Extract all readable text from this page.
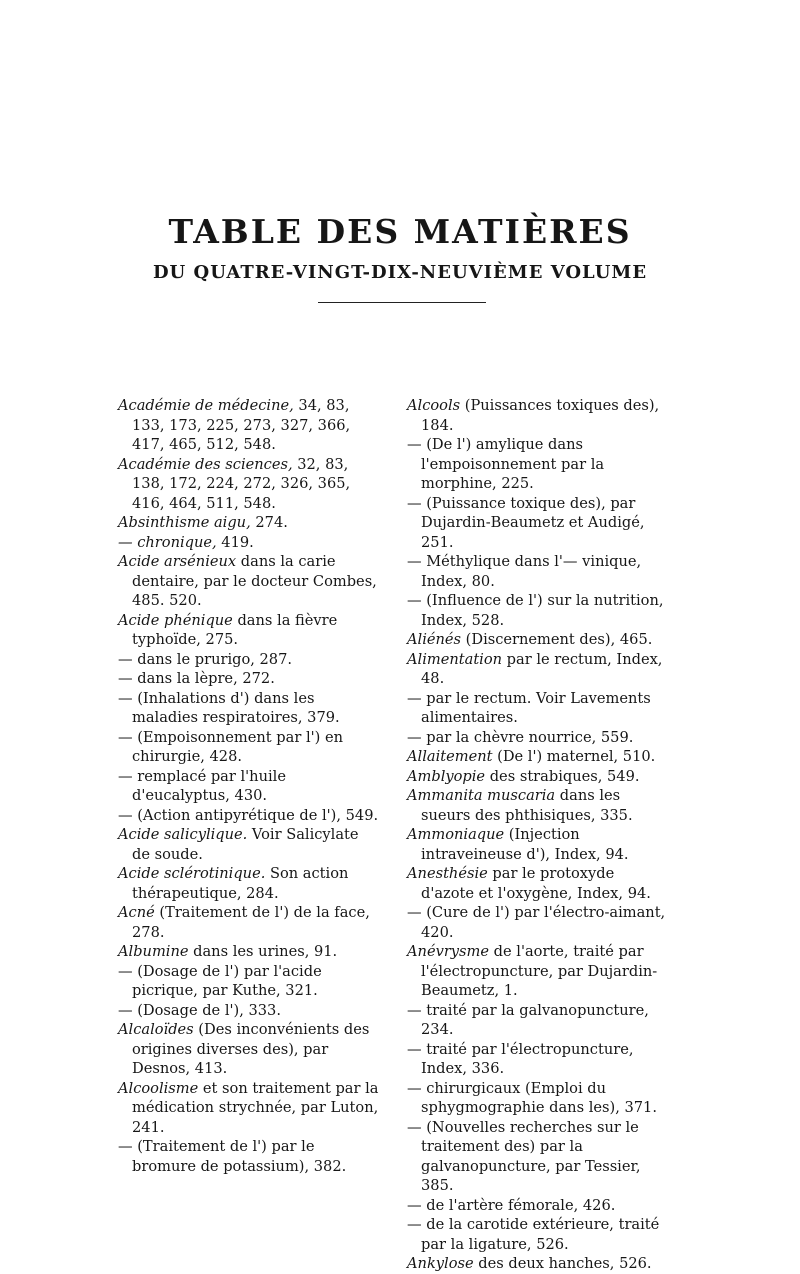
TABLE DES MATIÈRES
DU QUATRE-VINGT-DIX-NEUVIÈME VOLUME

Académie de médecine, 34, 83, 133, 173, 225, 273, 327, 366, 417, 465, 512, 548.

Académie des sciences, 32, 83, 138, 172, 224, 272, 326, 365, 416, 464, 511, 548.

Absinthisme aigu, 274.

— chronique, 419.

Acide arsénieux dans la carie dentaire, par le docteur Combes, 485. 520.

Acide phénique dans la fièvre typhoïde, 275.

— dans le prurigo, 287.

— dans la lèpre, 272.

— (Inhalations d') dans les maladies respiratoires, 379.

— (Empoisonnement par l') en chirurgie, 428.

— remplacé par l'huile d'eucalyptus, 430.

— (Action antipyrétique de l'), 549.

Acide salicylique. Voir Salicylate de soude.

Acide sclérotinique. Son action thérapeutique, 284.

Acné (Traitement de l') de la face, 278.

Albumine dans les urines, 91.

— (Dosage de l') par l'acide picrique, par Kuthe, 321.

— (Dosage de l'), 333.

Alcaloïdes (Des inconvénients des origines diverses des), par Desnos, 413.

Alcoolisme et son traitement par la médication strychnée, par Luton, 241.

— (Traitement de l') par le bromure de potassium), 382.

Alcools (Puissances toxiques des), 184.

— (De l') amylique dans l'empoisonnement par la morphine, 225.

— (Puissance toxique des), par Dujardin-Beaumetz et Audigé, 251.

— Méthylique dans l'— vinique, Index, 80.

— (Influence de l') sur la nutrition, Index, 528.

Aliénés (Discernement des), 465.

Alimentation par le rectum, Index, 48.

— par le rectum. Voir Lavements alimentaires.

— par la chèvre nourrice, 559.

Allaitement (De l') maternel, 510.

Amblyopie des strabiques, 549.

Ammanita muscaria dans les sueurs des phthisiques, 335.

Ammoniaque (Injection intraveineuse d'), Index, 94.

Anesthésie par le protoxyde d'azote et l'oxygène, Index, 94.

— (Cure de l') par l'électro-aimant, 420.

Anévrysme de l'aorte, traité par l'électropuncture, par Dujardin-Beaumetz, 1.

— traité par la galvanopuncture, 234.

— traité par l'électropuncture, Index, 336.

— chirurgicaux (Emploi du sphygmographie dans les), 371.

— (Nouvelles recherches sur le traitement des) par la galvanopuncture, par Tessier, 385.

— de l'artère fémorale, 426.

— de la carotide extérieure, traité par la ligature, 526.

Ankylose des deux hanches, 526.
